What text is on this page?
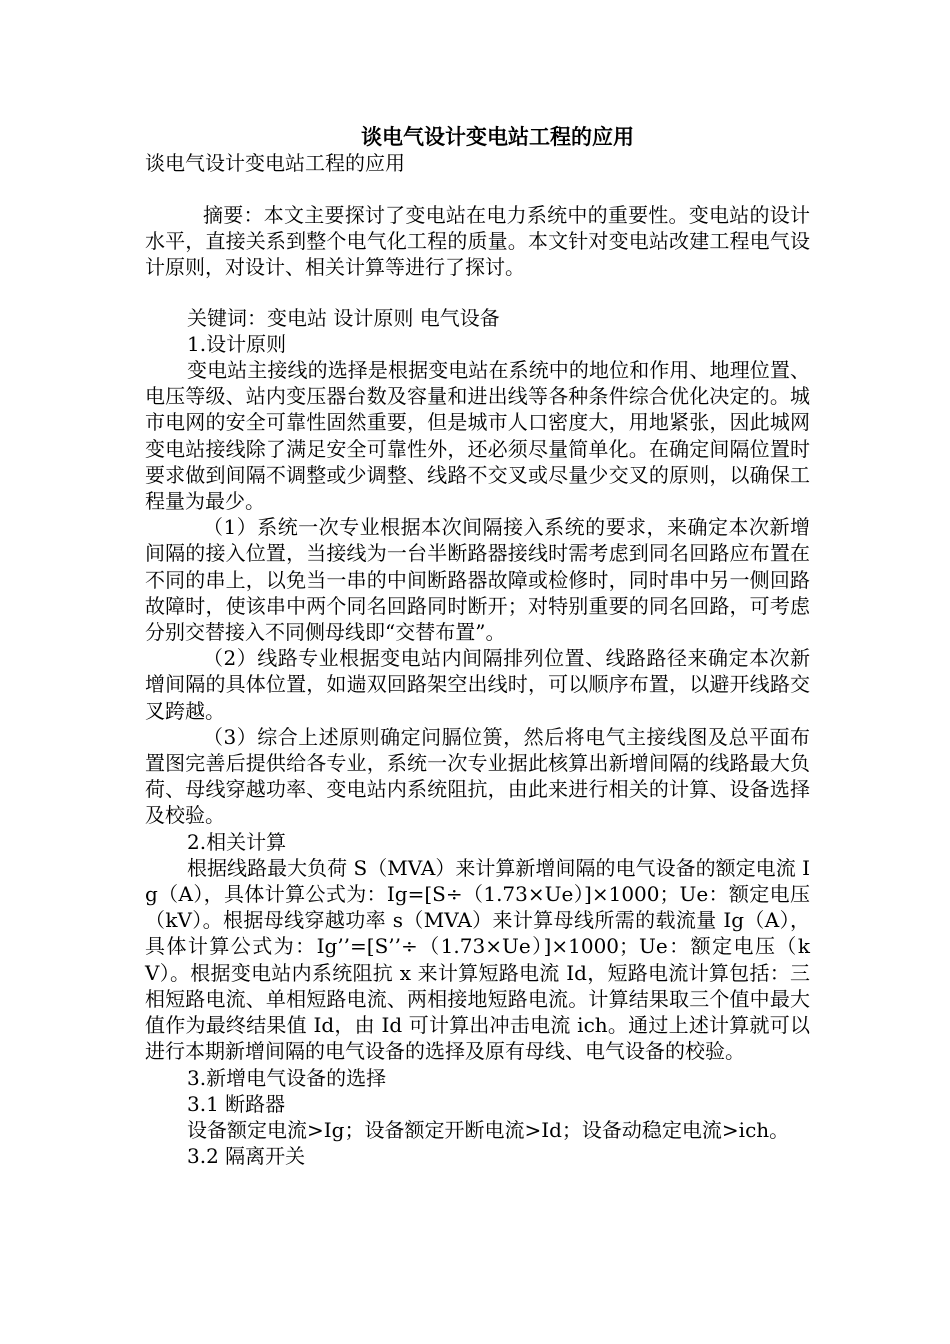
谈电气设计变电站工程的应用

谈电气设计变电站工程的应用

摘要：本文主要探讨了变电站在电力系统中的重要性。变电站的设计水平，直接关系到整个电气化工程的质量。本文针对变电站改建工程电气设计原则，对设计、相关计算等进行了探讨。

关键词：变电站 设计原则 电气设备

1.设计原则

变电站主接线的选择是根据变电站在系统中的地位和作用、地理位置、电压等级、站内变压器台数及容量和进出线等各种条件综合优化决定的。城市电网的安全可靠性固然重要，但是城市人口密度大，用地紧张，因此城网变电站接线除了满足安全可靠性外，还必须尽量简单化。在确定间隔位置时要求做到间隔不调整或少调整、线路不交叉或尽量少交叉的原则，以确保工程量为最少。

（1）系统一次专业根据本次间隔接入系统的要求，来确定本次新增间隔的接入位置，当接线为一台半断路器接线时需考虑到同名回路应布置在不同的串上，以免当一串的中间断路器故障或检修时，同时串中另一侧回路故障时，使该串中两个同名回路同时断开；对特别重要的同名回路，可考虑分别交替接入不同侧母线即“交替布置”。

（2）线路专业根据变电站内间隔排列位置、线路路径来确定本次新增间隔的具体位置，如遄双回路架空出线时，可以顺序布置，以避开线路交叉跨越。

（3）综合上述原则确定问膈位篑，然后将电气主接线图及总平面布置图完善后提供给各专业，系统一次专业据此核算出新增间隔的线路最大负荷、母线穿越功率、变电站内系统阻抗，由此来进行相关的计算、设备选择及校验。

2.相关计算

根据线路最大负荷 S（MVA）来计算新增间隔的电气设备的额定电流 Ig（A），具体计算公式为：Ig=[S÷（1.73×Ue）]×1000；Ue：额定电压（kV）。根据母线穿越功率 s（MVA）来计算母线所需的载流量 Ig（A），具体计算公式为：Ig’’=[S’’÷（1.73×Ue）]×1000；Ue：额定电压（kV）。根据变电站内系统阻抗 x 来计算短路电流 Id，短路电流计算包括：三相短路电流、单相短路电流、两相接地短路电流。计算结果取三个值中最大值作为最终结果值 Id，由 Id 可计算出冲击电流 ich。通过上述计算就可以进行本期新增间隔的电气设备的选择及原有母线、电气设备的校验。

3.新增电气设备的选择

3.1 断路器

设备额定电流>Ig；设备额定开断电流>Id；设备动稳定电流>ich。

3.2 隔离开关
